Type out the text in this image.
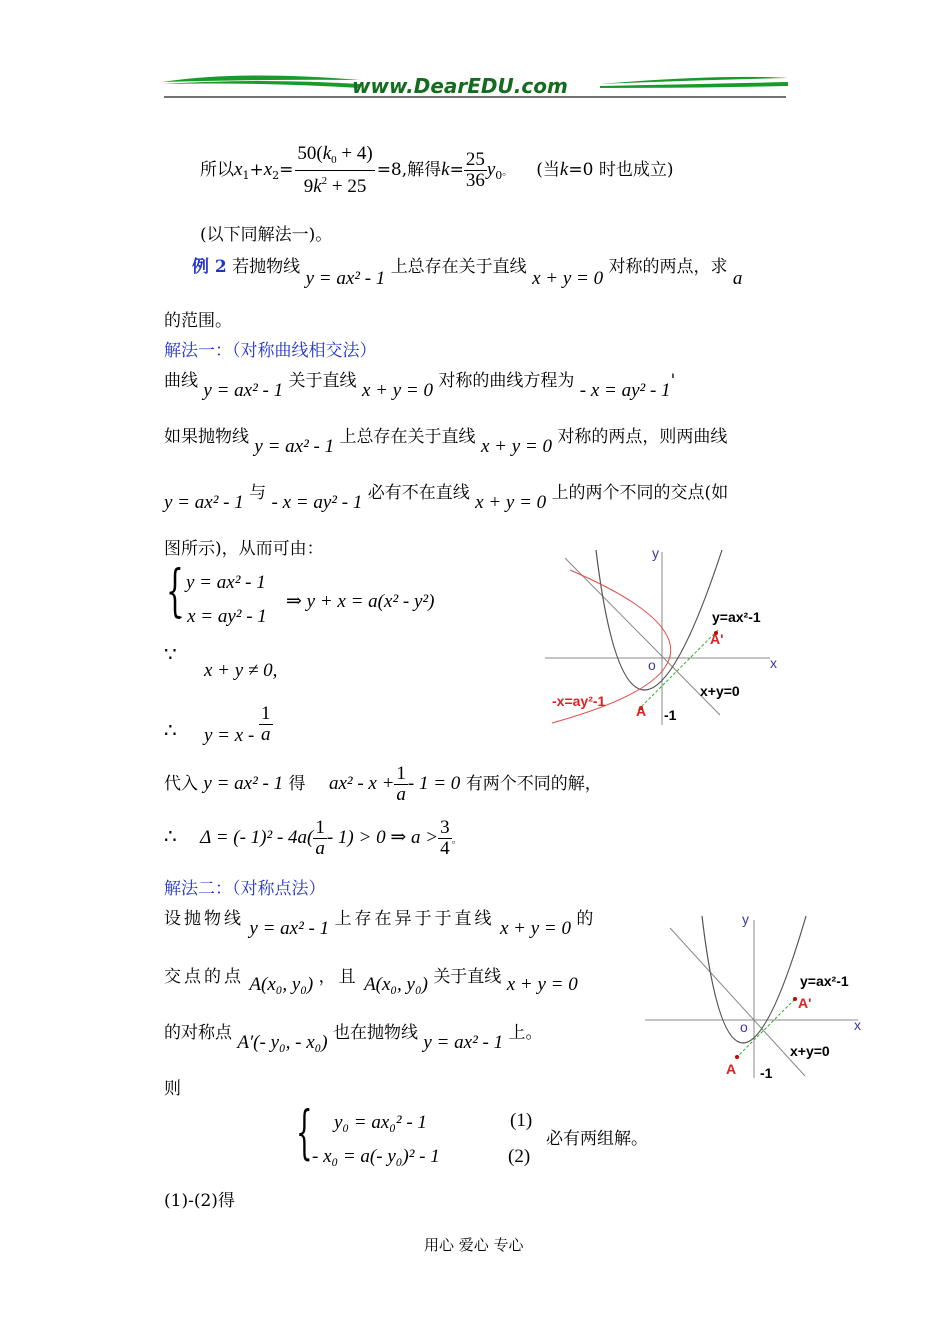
www.DearEDU.com
所以$x_1+x_2= \frac{50(k_0 + 4)}{9k^2 + 25} =8$,解得$k= \frac{25}{36} y_0$。 (当k=0 时也成立)
(以下同解法一)。
例 2 若抛物线 y = ax² - 1 上总存在关于直线 x + y = 0 对称的两点，求 a
的范围。
解法一：（对称曲线相交法）
曲线 y = ax² - 1 关于直线 x + y = 0 对称的曲线方程为 - x = ay² - 1'
如果抛物线 y = ax² - 1 上总存在关于直线 x + y = 0 对称的两点，则两曲线
y = ax² - 1 与 - x = ay² - 1 必有不在直线 x + y = 0 上的两个不同的交点(如
图所示)，从而可由：
{ y = ax² - 1
- x = ay² - 1
⇒ y + x = a(x² - y²)
∵
x + y ≠ 0,
∴ $y = x - \frac{1}{a}$
代入 y = ax² - 1 得 $ax^2 - x + \frac{1}{a} - 1 = 0$ 有两个不同的解，
∴ Δ = (- $1)^2 - 4a( \frac{1}{a} - 1) > 0$ ⇒ $a > \frac{3}{4}$ 。
解法二：（对称点法）
设抛物线 y = ax² - 1 上存在异于于直线 x + y = 0 的
交点的点 A(x₀, y₀) ，且 A(x₀, y₀) 关于直线 x + y = 0
的对称点 A′(- y₀, - x₀) 也在抛物线 y = ax² - 1 上。
则
{ y₀ = ax₀² - 1	(1)
- x₀ = a(- y₀)² - 1	(2)
必有两组解。
(1)-(2)得
y
x
o
y=ax²-1
A'
x+y=0
-x=ay²-1
A -1
y
x
o
y=ax²-1
A'
x+y=0
A -1
用心 爱心 专心
